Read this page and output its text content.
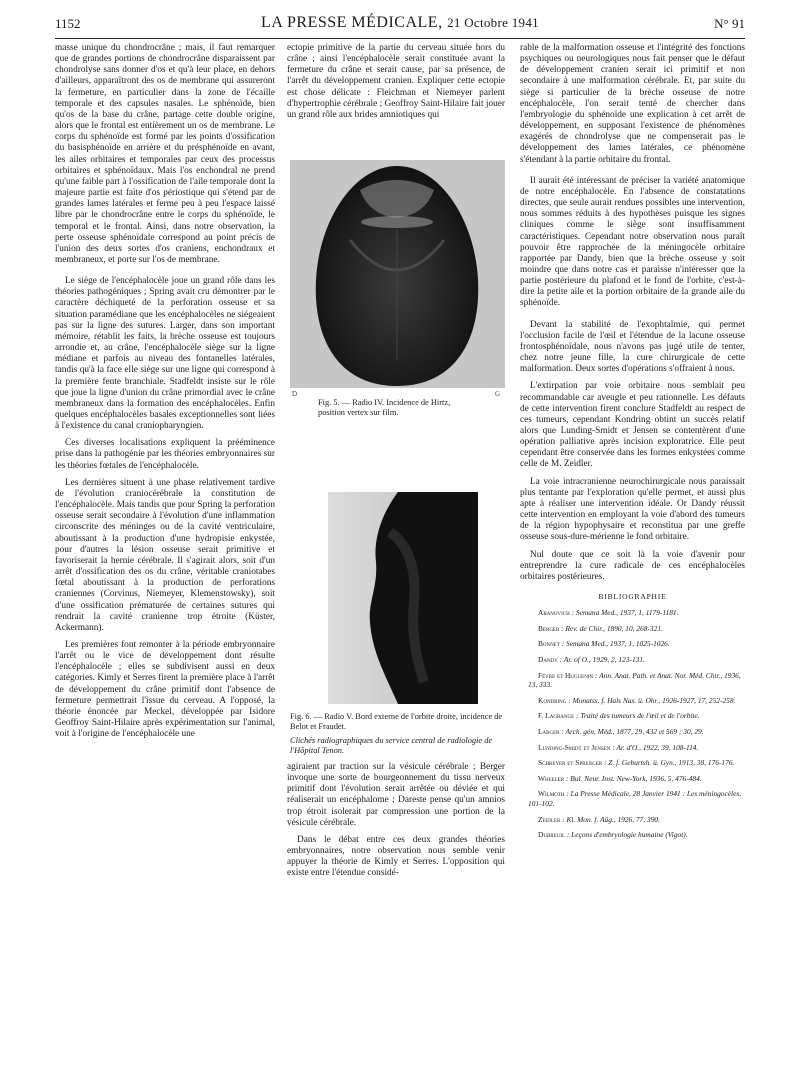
1152	LA PRESSE MÉDICALE, 21 Octobre 1941	N° 91

masse unique du chondrocrâne ; mais, il faut remarquer que de grandes portions de chondrocrâne disparaissent par chondrolyse sans donner d'os et qu'à leur place, en dehors d'ailleurs, apparaîtront des os de membrane qui assureront la fermeture, en particulier dans la zone de l'écaille temporale et des capsules nasales. Le sphénoïde, bien qu'os de la base du crâne, partage cette double origine, alors que le frontal est entièrement un os de membrane. Le corps du sphénoïde est formé par les points d'ossification du basisphénoïde en arrière et du présphénoïde en avant, les ailes orbitaires et temporales par ceux des processus orbitaires et sphénoïdaux. Mais l'os enchondral ne prend qu'une faible part à l'ossification de l'aile temporale dont la majeure partie est faite d'os périostique qui s'étend par de grandes lames latérales et ferme peu à peu l'espace laissé libre par le chondrocrâne entre le corps du sphénoïde, le temporal et le frontal. Ainsi, dans notre observation, la perte osseuse sphénoïdale correspond au point précis de l'union des deux sortes d'os craniens, enchondraux et membraneux, et porte sur l'os de membrane.

Le siège de l'encéphalocèle joue un grand rôle dans les théories pathogéniques ; Spring avait cru démontrer par le caractère déchiqueté de la perforation osseuse et sa situation paramédiane que les encéphalocèles ne siégeaient pas sur la ligne des sutures. Larger, dans son important mémoire, rétablit les faits, la brèche osseuse est toujours arrondie et, au crâne, l'encéphalocèle siège sur la ligne médiane et parfois au niveau des fontanelles latérales, tandis qu'à la face elle siège sur une ligne qui correspond à la première fente branchiale. Stadfeldt insiste sur le rôle que joue la ligne d'union du crâne primordial avec le crâne membraneux dans la formation des encéphalocèles. Enfin quelques encéphalocèles basales exceptionnelles sont liées à l'existence du canal craniopharyngien.

Ces diverses localisations expliquent la prééminence prise dans la pathogénie par les théories embryonnaires sur les théories fœtales de l'encéphalocèle.

Les dernières situent à une phase relativement tardive de l'évolution craniocérébrale la constitution de l'encéphalocèle. Mais tandis que pour Spring la perforation osseuse serait secondaire à l'évolution d'une inflammation circonscrite des méninges ou de la cavité ventriculaire, aboutissant à la production d'une hydropisie enkystée, pour d'autres la lésion osseuse serait primitive et favoriserait la hernie cérébrale. Il s'agirait alors, soit d'un arrêt d'ossification des os du crâne, véritable craniotabes fœtal aboutissant à la production de perforations craniennes (Corvinus, Niemeyer, Klemenstowsky), soit d'une ossification prématurée de certaines sutures qui rendrait la cavité cranienne trop étroite (Küster, Ackermann).

Les premières font remonter à la période embryonnaire l'arrêt ou le vice de développement dont résulte l'encéphalocèle ; elles se subdivisent aussi en deux catégories. Kimly et Serres firent la première place à l'arrêt de développement du crâne primitif dont l'absence de fermeture permettrait l'issue du cerveau. A l'opposé, la théorie énoncée par Meckel, développée par Isidore Geoffroy Saint-Hilaire après expérimentation sur l'animal, voit à l'origine de l'encéphalocèle une

ectopie primitive de la partie du cerveau située hors du crâne ; ainsi l'encéphalocèle serait constituée avant la fermeture du crâne et serait cause, par sa présence, de l'arrêt du développement cranien. Expliquer cette ectopie est chose délicate : Fleichman et Niemeyer parlent d'hypertrophie cérébrale ; Geoffroy Saint-Hilaire fait jouer un grand rôle aux brides amniotiques qui

D	G
Fig. 5. — Radio IV. Incidence de Hirtz, position vertex sur film.
Fig. 6. — Radio V. Bord externe de l'orbite droite, incidence de Belot et Fraudet.
Clichés radiographiques du service central de radiologie de l'Hôpital Tenon.

agiraient par traction sur la vésicule cérébrale ; Berger invoque une sorte de bourgeonnement du tissu nerveux primitif dont l'évolution serait arrêtée ou déviée et qui réaliserait un encéphalome ; Dareste pense qu'un amnios trop étroit isolerait par compression une portion de la vésicule cérébrale.

Dans le débat entre ces deux grandes théories embryonnaires, notre observation nous semble venir appuyer la théorie de Kimly et Serres. L'opposition qui existe entre l'étendue considé-

rable de la malformation osseuse et l'intégrité des fonctions psychiques ou neurologiques nous fait penser que le défaut de développement cranien serait ici primitif et non secondaire à une malformation cérébrale. Et, par suite du siège si particulier de la brèche osseuse de notre encéphalocèle, l'on serait tenté de chercher dans l'embryologie du sphénoïde une explication à cet arrêt de développement, en supposant l'existence de phénomènes exagérés de chondrolyse que ne compenserait pas le développement des lames latérales, ce phénomène s'étendant à la partie orbitaire du frontal.

Il aurait été intéressant de préciser la variété anatomique de notre encéphalocèle. En l'absence de constatations directes, que seule aurait rendues possibles une intervention, nous sommes réduits à des hypothèses puisque les signes cliniques comme le siège sont insuffisamment caractéristiques. Cependant notre observation nous paraît pouvoir être rapprochée de la méningocèle orbitaire rapportée par Dandy, bien que la brèche osseuse y soit moindre que dans notre cas et paraisse n'intéresser que la partie postérieure du plafond et le fond de l'orbite, c'est-à-dire la petite aile et la portion orbitaire de la grande aile du sphénoïde.

Devant la stabilité de l'exophtalmie, qui permet l'occlusion facile de l'œil et l'étendue de la lacune osseuse frontosphénoïdale, nous n'avons pas jugé utile de tenter, chez notre jeune fille, la cure chirurgicale de cette malformation. Deux sortes d'opérations s'offraient à nous.

L'extirpation par voie orbitaire nous semblait peu recommandable car aveugle et peu rationnelle. Les défauts de cette intervention firent conclure Stadfeldt au respect de ces tumeurs, cependant Kondring obtint un succès relatif alors que Lunding-Smidt et Jensen se contentèrent d'une opération palliative après incision exploratrice. Elle peut cependant être conservée dans les formes enkystées comme celle de M. Zeidler.

La voie intracranienne neurochirurgicale nous paraissait plus tentante par l'exploration qu'elle permet, et aussi plus apte à réaliser une intervention idéale. Or Dandy réussit cette intervention en employant la voie d'abord des tumeurs de la région hypophysaire et reconstitua par une greffe osseuse sous-dure-mérienne le fond orbitaire.

Nul doute que ce soit là la voie d'avenir pour entreprendre la cure radicale de ces encéphalocèles orbitaires postérieures.

BIBLIOGRAPHIE

Abanovich : Semana Med., 1937, 1, 1179-1181.

Berger : Rev. de Chir., 1890, 10, 268-321.

Bonnet : Semana Med., 1937, 1, 1025-1026.

Dandy : Ar. of O., 1929, 2, 123-131.

Fèvre et Huguenin : Ann. Anat. Path. et Anat. Nor. Méd. Chir., 1936, 13, 333.

Kondring : Monatss. f. Hals Nas. ü. Ohr., 1926-1927, 17, 252-258.

F. Lagrange : Traité des tumeurs de l'œil et de l'orbite.

Larger : Arch. gén. Méd., 1877, 29, 432 et 569 ; 30, 29.

Lunding-Smidt et Jensen : Ar. d'O., 1922, 39, 108-114.

Schreyer et Sprenger : Z. f. Geburtsh. ü. Gyn., 1913, 38, 176-176.

Wheeler : Bul. Neur. Inst. New-York, 1936, 5, 476-484.

Wilmoth : La Presse Médicale, 28 Janvier 1941 : Les méningocèles, 101-102.

Zeidler : Kl. Mon. f. Aüg., 1926, 77, 390.

Dubreuil : Leçons d'embryologie humaine (Vigot).
